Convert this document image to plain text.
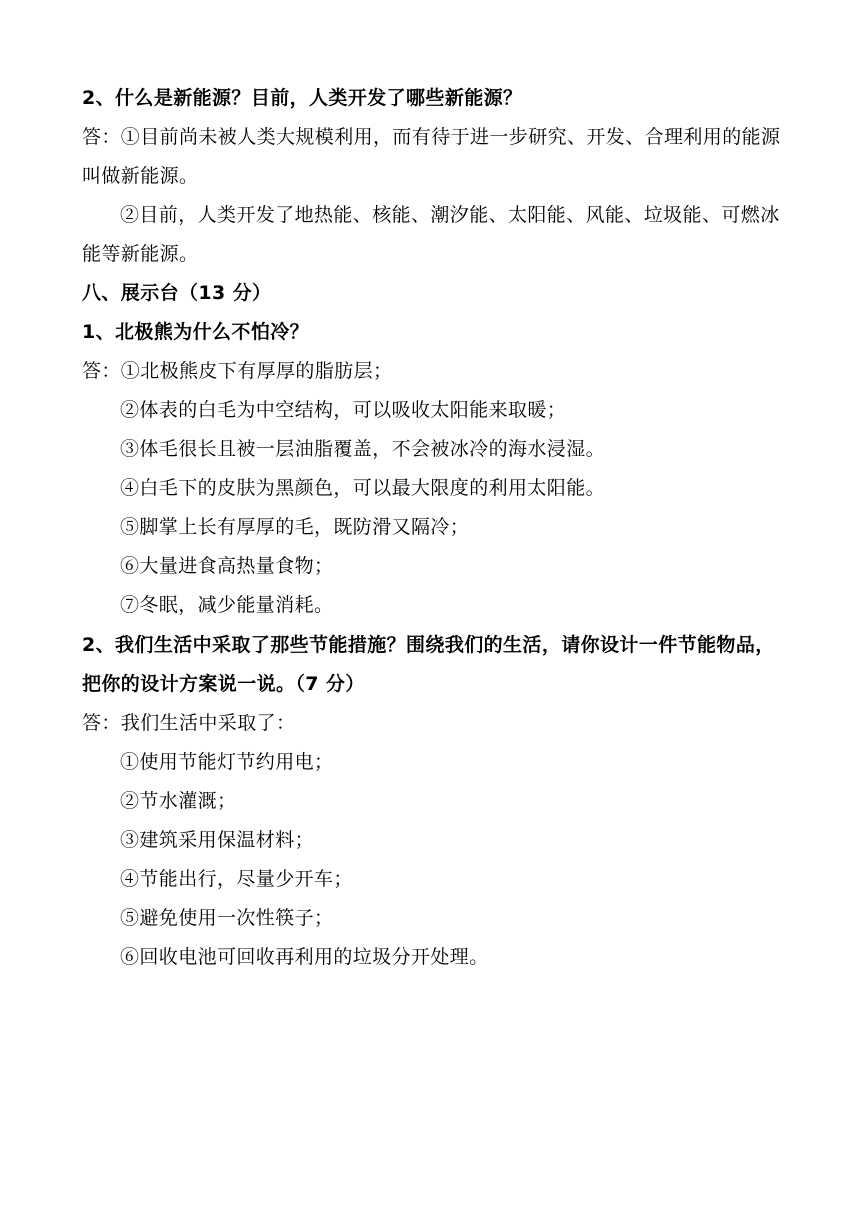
2、什么是新能源？目前，人类开发了哪些新能源？
答：①目前尚未被人类大规模利用，而有待于进一步研究、开发、合理利用的能源
叫做新能源。
②目前，人类开发了地热能、核能、潮汐能、太阳能、风能、垃圾能、可燃冰
能等新能源。
八、展示台（13 分）
1、北极熊为什么不怕冷？
答：①北极熊皮下有厚厚的脂肪层；
②体表的白毛为中空结构，可以吸收太阳能来取暖；
③体毛很长且被一层油脂覆盖，不会被冰冷的海水浸湿。
④白毛下的皮肤为黑颜色，可以最大限度的利用太阳能。
⑤脚掌上长有厚厚的毛，既防滑又隔冷；
⑥大量进食高热量食物；
⑦冬眠，减少能量消耗。
2、我们生活中采取了那些节能措施？围绕我们的生活，请你设计一件节能物品，
把你的设计方案说一说。（7 分）
答：我们生活中采取了：
①使用节能灯节约用电；
②节水灌溉；
③建筑采用保温材料；
④节能出行，尽量少开车；
⑤避免使用一次性筷子；
⑥回收电池可回收再利用的垃圾分开处理。
